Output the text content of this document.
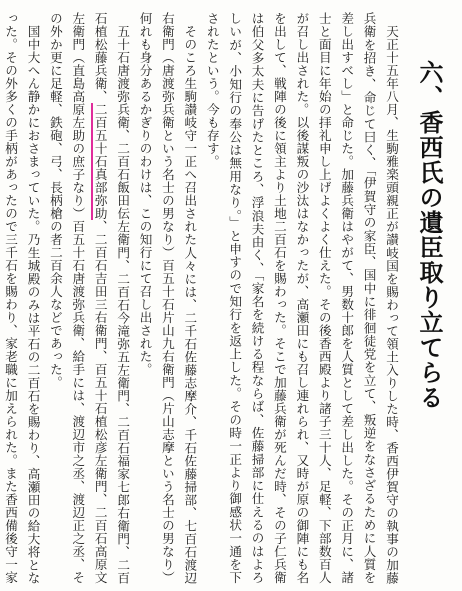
六、香西氏の遺臣取り立てらる

天正十五年八月、生駒雅楽頭親正が讃岐国を賜わって領土入りした時、香西伊賀守の執事の加藤兵衛を招き、命じて曰く、「伊賀守の家臣、国中に徘徊徒党を立て、叛逆をなさざるために人質を差し出すべし」と命じた。加藤兵衛はやがて、男数十郎を人質として差し出した。その正月に、諸士と面目に年始の拝礼申し上げよくよく仕えた。その後香西殿より諸子三十人、足軽、下部数百人が召し出された。以後謀叛の沙汰はなかったが、高瀬田にも召し連れられ、又時が原の御陣にも名を出して、戦陣の後に領主より土地二百石を賜わった。そこで加藤兵衛が死んだ時、その子仁兵衛は伯父多太夫に告げたところ、浮浪夫由く、「家名を続ける程ならば、佐藤掃部に仕えるのはよろしいが、小知行の奉公は無用なり。」と申すので知行を返上した。その時一正より御感状一通を下されたという。今も存す。

そのころ生駒讃岐守一正へ召出された人々には、二千石佐藤志摩介、千石佐藤掃部、七百石渡辺右衛門（唐渡弥兵衛という名士の男なり）百五十石片山九右衛門（片山志摩という名士の男なり）何れも身分あるかぎりのわけは、この知行にて召し出された。

五十石唐渡弥兵衛、二百石飯田伝左衛門、二百石今滝弥五左衛門、二百石福家七郎右衛門、二百石植松藤兵衛、二百五十石真部弥助、二百石吉田三右衛門、百五十石植松彦左衛門、二百石高原文左衛門（直島高原左助の庶子なり）百五十石唐渡弥兵衛、給手には、渡辺市之丞、渡辺正之丞、その外か更に足軽、鉄砲、弓、長柄槍の者二百余人などであった。

国中大へん静かにおさまっていた。乃生城殿のみは平石の二百石を賜わり、高瀬田の給大将となった。その外多くの手柄があったので三千石を賜わり、家老職に加えられた。また香西備後守一家
